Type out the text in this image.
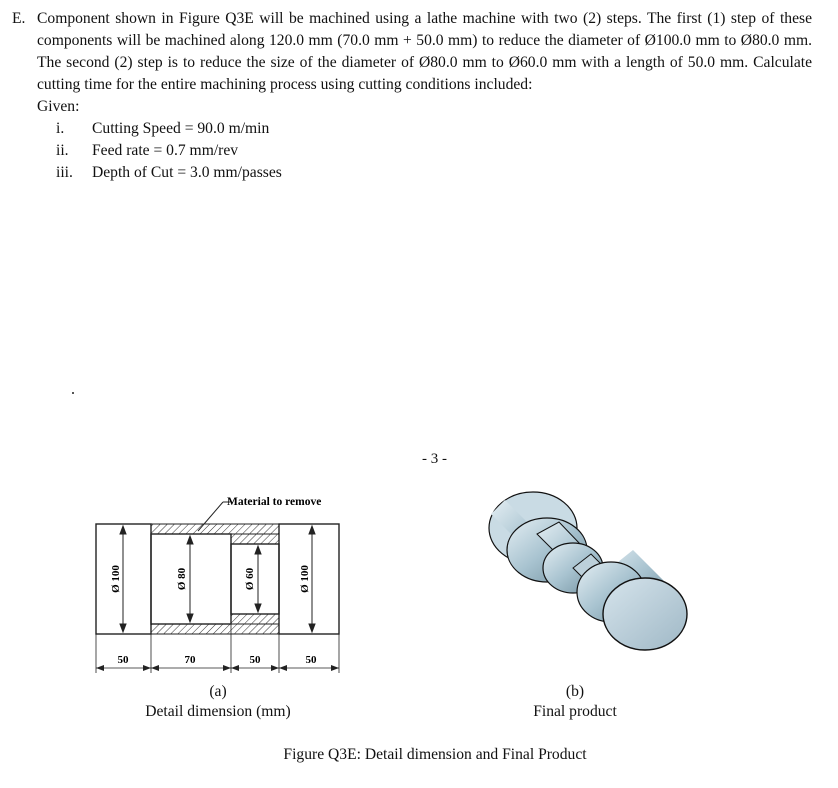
E. Component shown in Figure Q3E will be machined using a lathe machine with two (2) steps. The first (1) step of these components will be machined along 120.0 mm (70.0 mm + 50.0 mm) to reduce the diameter of Ø100.0 mm to Ø80.0 mm. The second (2) step is to reduce the size of the diameter of Ø80.0 mm to Ø60.0 mm with a length of 50.0 mm. Calculate cutting time for the entire machining process using cutting conditions included:
Given:
i.	Cutting Speed = 90.0 m/min
ii.	Feed rate = 0.7 mm/rev
iii.	Depth of Cut = 3.0 mm/passes
- 3 -
Ø 100	Ø 80	Ø 60	Ø 100
Material to remove
50	70	50	50
(a)
Detail dimension (mm)
(b)
Final product
Figure Q3E: Detail dimension and Final Product
